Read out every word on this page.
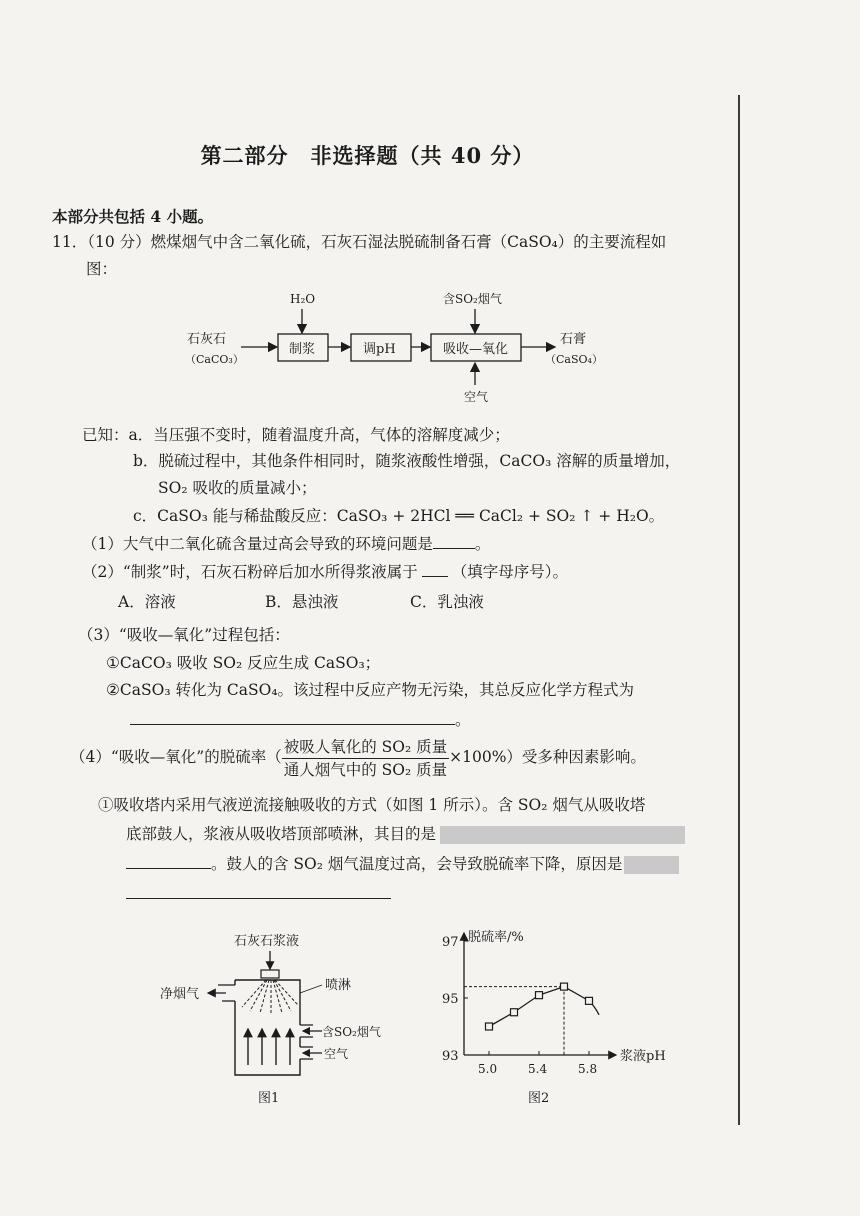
第二部分　非选择题（共 40 分）
本部分共包括 4 小题。
11．（10 分）燃煤烟气中含二氧化硫，石灰石湿法脱硫制备石膏（CaSO₄）的主要流程如
图：
石灰石
（CaCO₃）
H₂O
制浆	调pH
含SO₂烟气
吸收—氧化
空气
石膏
（CaSO₄）
已知：a．当压强不变时，随着温度升高，气体的溶解度减少；
b．脱硫过程中，其他条件相同时，随浆液酸性增强，CaCO₃ 溶解的质量增加，
SO₂ 吸收的质量减小；
c．CaSO₃ 能与稀盐酸反应：CaSO₃ + 2HCl ══ CaCl₂ + SO₂ ↑ + H₂O。
（1）大气中二氧化硫含量过高会导致的环境问题是	。
（2）“制浆”时，石灰石粉碎后加水所得浆液属于 （填字母序号）。
A．溶液	B．悬浊液	C．乳浊液
（3）“吸收—氧化”过程包括：
①CaCO₃ 吸收 SO₂ 反应生成 CaSO₃；
②CaSO₃ 转化为 CaSO₄。该过程中反应产物无污染，其总反应化学方程式为
。
（4）“吸收—氧化”的脱硫率（ $\frac{\text{被吸人氧化的 SO₂ 质量}}{\text{通人烟气中的 SO₂ 质量}} \times 100\%$）受多种因素影响。
①吸收塔内采用气液逆流接触吸收的方式（如图 1 所示）。含 SO₂ 烟气从吸收塔
底部鼓人，浆液从吸收塔顶部喷淋，其目的是
。鼓人的含 SO₂ 烟气温度过高，会导致脱硫率下降，原因是
石灰石浆液
净烟气
喷淋
含SO₂烟气
空气
图1
脱硫率/%
浆液pH
93
95
97
5.0	5.4	5.8
图2
